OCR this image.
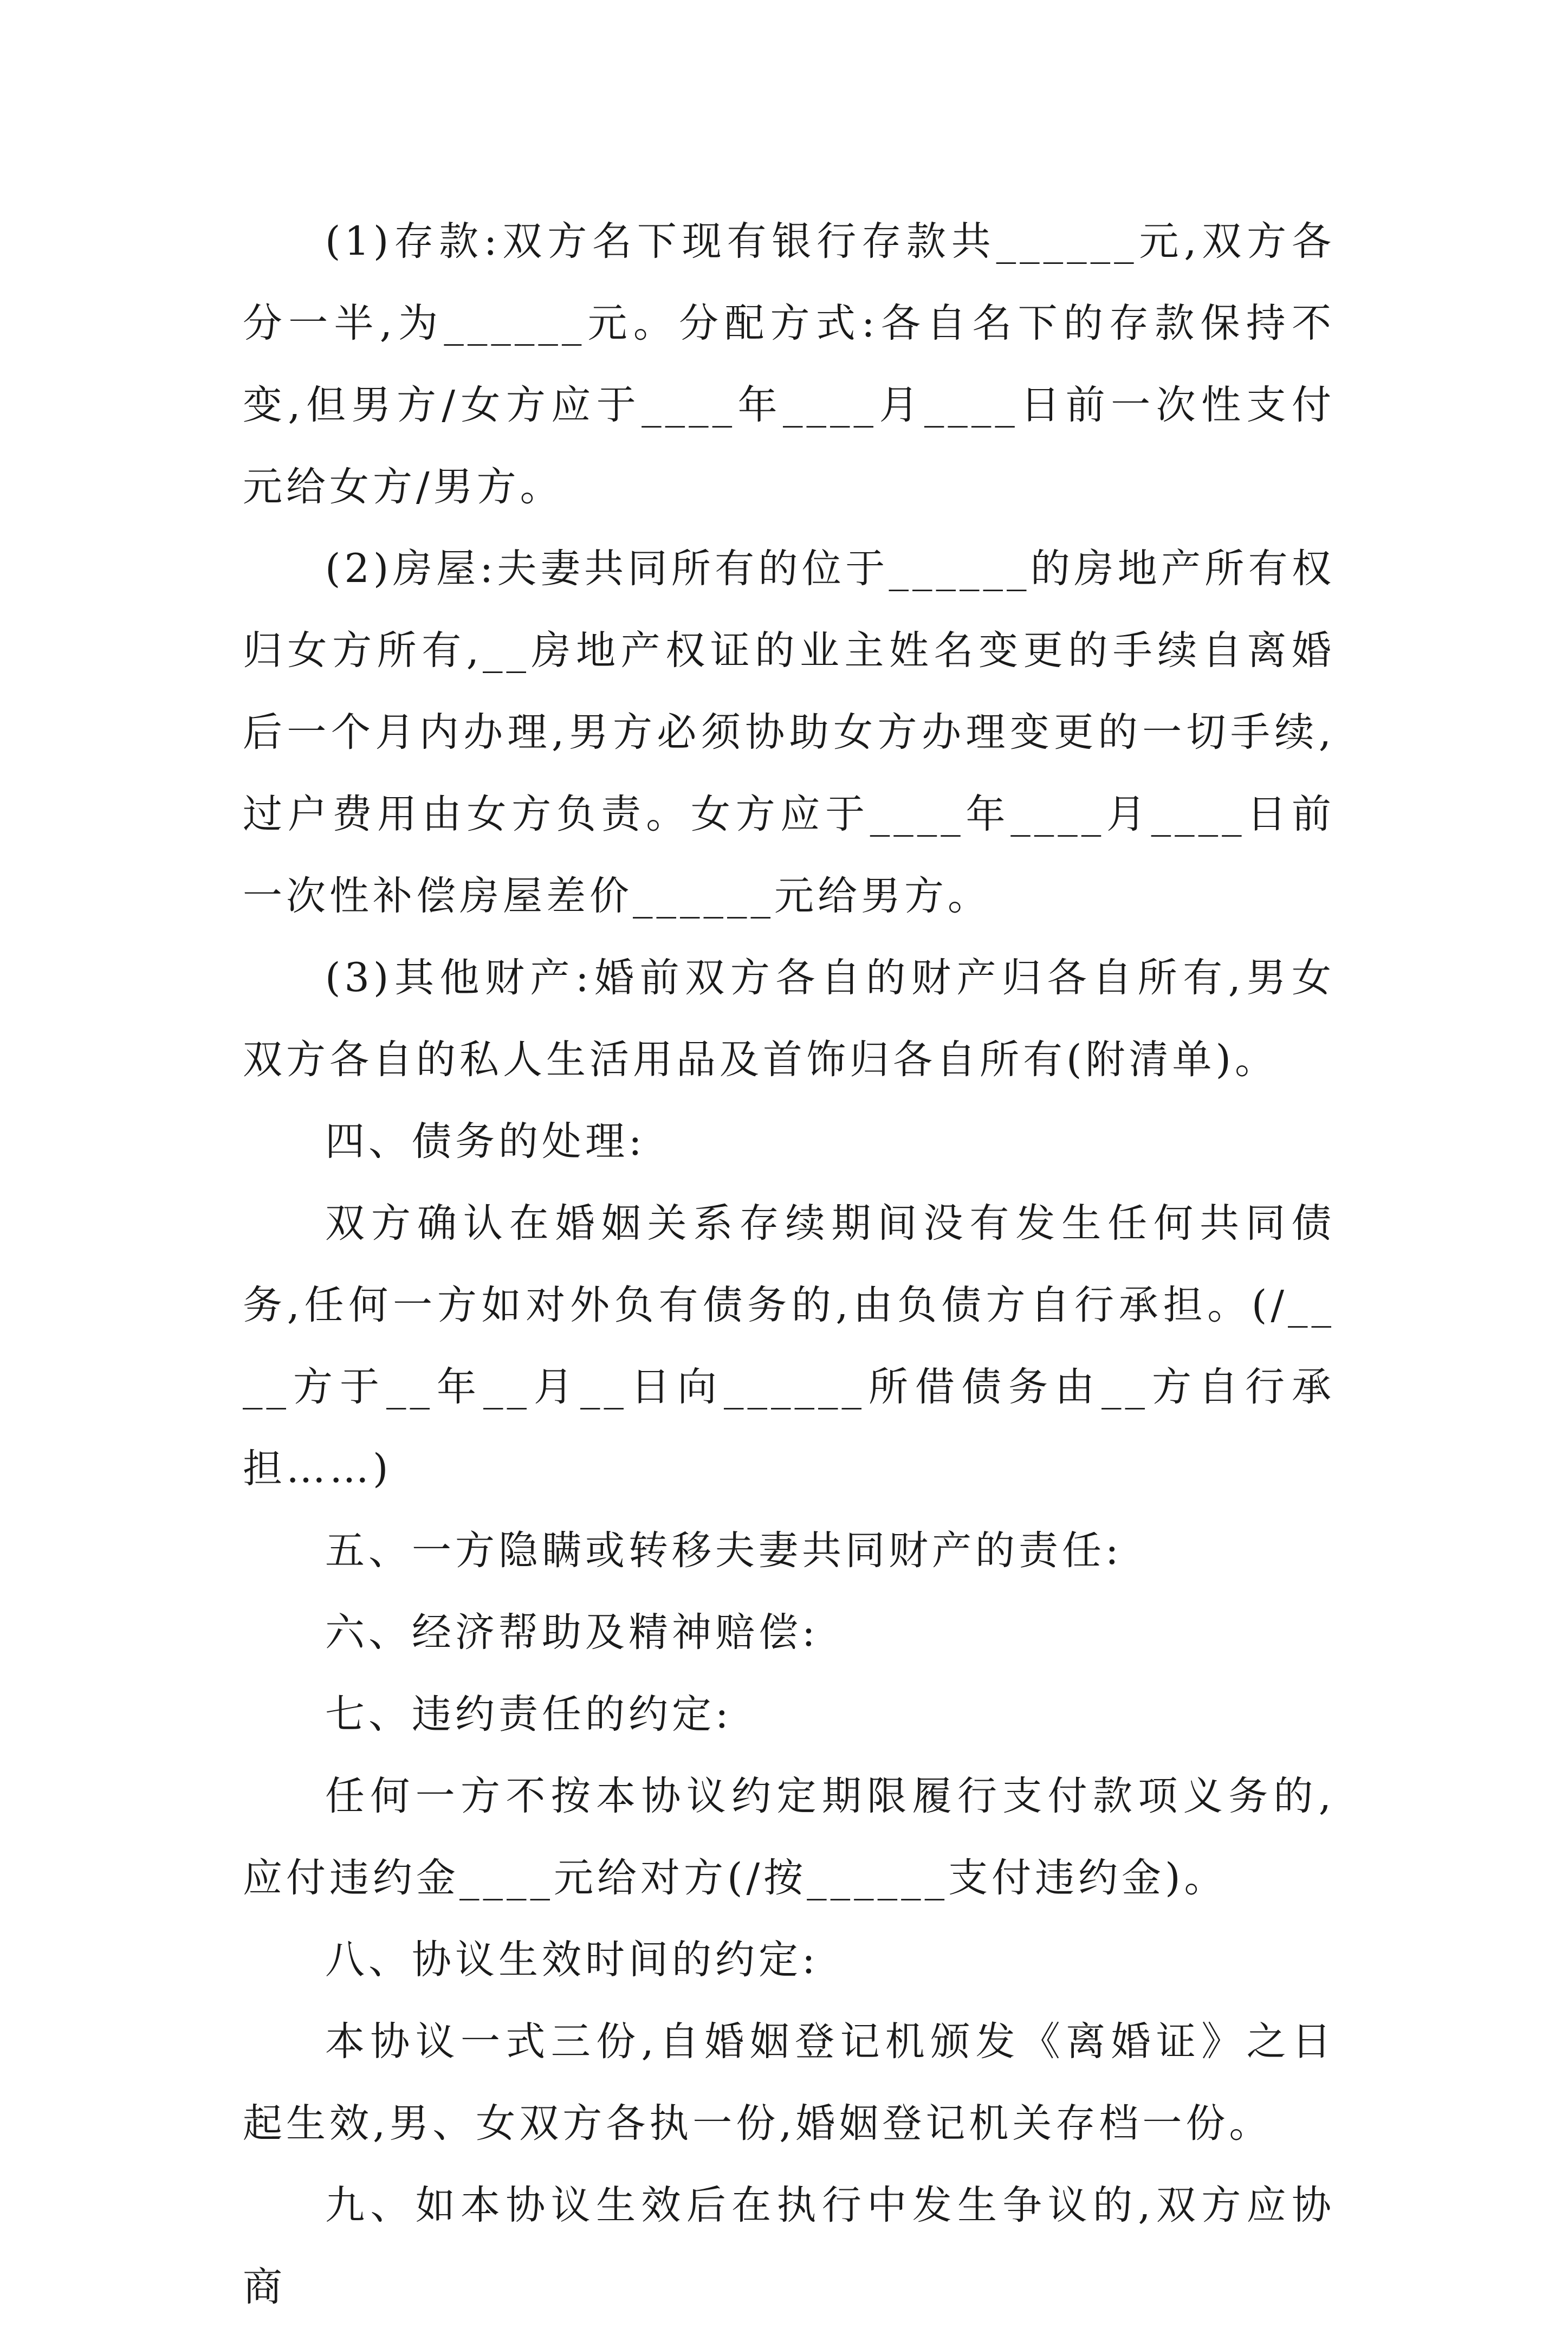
(1)存款:双方名下现有银行存款共______元,双方各分一半,为______元。分配方式:各自名下的存款保持不变,但男方/女方应于____年____月____日前一次性支付 元给女方/男方。

(2)房屋:夫妻共同所有的位于______的房地产所有权归女方所有,__房地产权证的业主姓名变更的手续自离婚后一个月内办理,男方必须协助女方办理变更的一切手续,过户费用由女方负责。女方应于____年____月____日前一次性补偿房屋差价______元给男方。

(3)其他财产:婚前双方各自的财产归各自所有,男女双方各自的私人生活用品及首饰归各自所有(附清单)。

四、债务的处理:

双方确认在婚姻关系存续期间没有发生任何共同债务,任何一方如对外负有债务的,由负债方自行承担。(/____方于__年__月__日向______所借债务由__方自行承担……)

五、一方隐瞒或转移夫妻共同财产的责任:

六、经济帮助及精神赔偿:

七、违约责任的约定:

任何一方不按本协议约定期限履行支付款项义务的,应付违约金____元给对方(/按______支付违约金)。

八、协议生效时间的约定:

本协议一式三份,自婚姻登记机颁发《离婚证》之日起生效,男、女双方各执一份,婚姻登记机关存档一份。

九、如本协议生效后在执行中发生争议的,双方应协商
